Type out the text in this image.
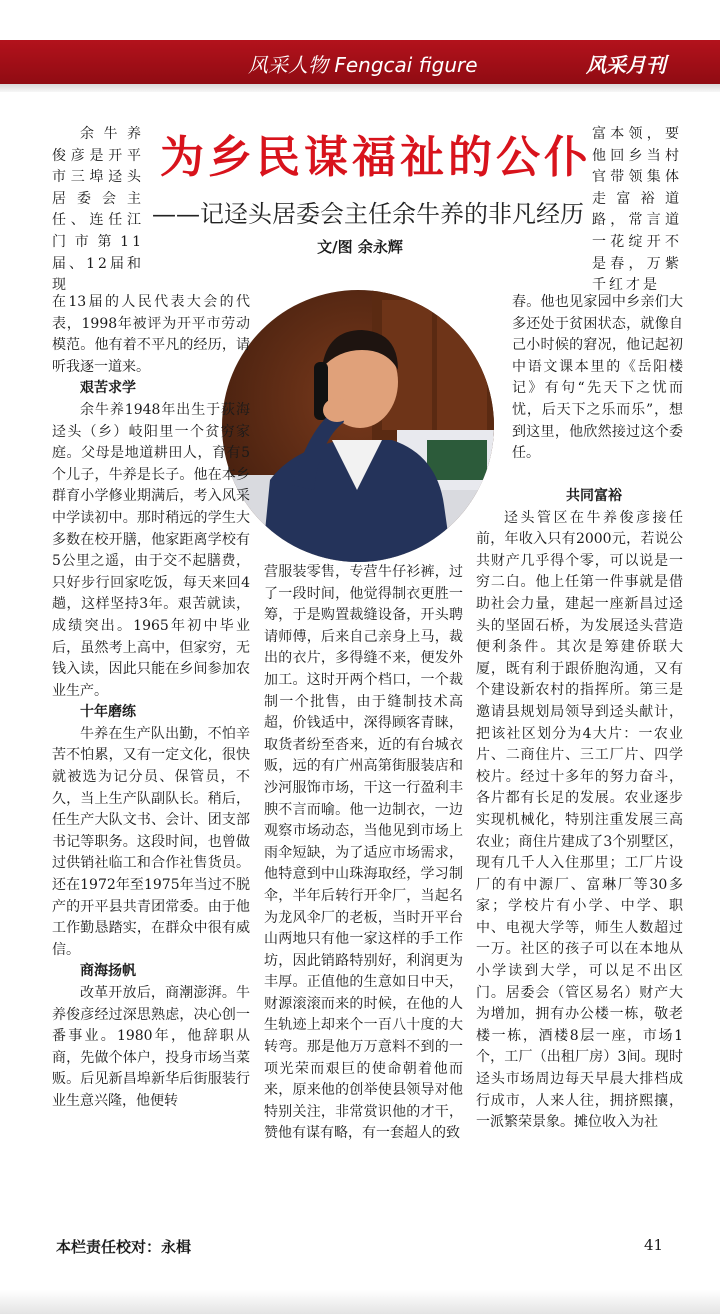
风采人物 Fengcai figure	风采月刊
为乡民谋福祉的公仆
——记迳头居委会主任余牛养的非凡经历
文/图 余永辉

余牛养俊彦是开平市三埠迳头居委会主任、连任江门市第11届、12届和现

在13届的人民代表大会的代表，1998年被评为开平市劳动模范。他有着不平凡的经历，请听我逐一道来。

艰苦求学

余牛养1948年出生于荻海迳头（乡）岐阳里一个贫穷家庭。父母是地道耕田人，育有5个儿子，牛养是长子。他在本乡群育小学修业期满后，考入风采中学读初中。那时稍远的学生大多数在校开膳，他家距离学校有5公里之遥，由于交不起膳费，只好步行回家吃饭，每天来回4趟，这样坚持3年。艰苦就读，成绩突出。1965年初中毕业后，虽然考上高中，但家穷，无钱入读，因此只能在乡间参加农业生产。

十年磨练

牛养在生产队出勤，不怕辛苦不怕累，又有一定文化，很快就被选为记分员、保管员，不久，当上生产队副队长。稍后，任生产大队文书、会计、团支部书记等职务。这段时间，也曾做过供销社临工和合作社售货员。还在1972年至1975年当过不脱产的开平县共青团常委。由于他工作勤恳踏实，在群众中很有威信。

商海扬帆

改革开放后，商潮澎湃。牛养俊彦经过深思熟虑，决心创一番事业。1980年，他辞职从商，先做个体户，投身市场当菜贩。后见新昌埠新华后街服装行业生意兴隆，他便转

营服装零售，专营牛仔衫裤，过了一段时间，他觉得制衣更胜一筹，于是购置裁缝设备，开头聘请师傅，后来自己亲身上马，裁出的衣片，多得缝不来，便发外加工。这时开两个档口，一个裁制一个批售，由于缝制技术高超，价钱适中，深得顾客青睐，取货者纷至沓来，近的有台城衣贩，远的有广州高第街服装店和沙河服饰市场，干这一行盈利丰腴不言而喻。他一边制衣，一边观察市场动态，当他见到市场上雨伞短缺，为了适应市场需求，他特意到中山珠海取经，学习制伞，半年后转行开伞厂，当起名为龙风伞厂的老板，当时开平台山两地只有他一家这样的手工作坊，因此销路特别好，利润更为丰厚。正值他的生意如日中天，财源滚滚而来的时候，在他的人生轨迹上却来个一百八十度的大转弯。那是他万万意料不到的一项光荣而艰巨的使命朝着他而来，原来他的创举使县领导对他特别关注，非常赏识他的才干，赞他有谋有略，有一套超人的致

富本领，要他回乡当村官带领集体走富裕道路，常言道一花绽开不是春，万紫千红才是

春。他也见家园中乡亲们大多还处于贫困状态，就像自己小时候的窘况，他记起初中语文课本里的《岳阳楼记》有句“先天下之忧而忧，后天下之乐而乐”，想到这里，他欣然接过这个委任。

共同富裕

迳头管区在牛养俊彦接任前，年收入只有2000元，若说公共财产几乎得个零，可以说是一穷二白。他上任第一件事就是借助社会力量，建起一座新昌过迳头的坚固石桥，为发展迳头营造便利条件。其次是筹建侨联大厦，既有利于跟侨胞沟通，又有个建设新农村的指挥所。第三是邀请县规划局领导到迳头献计，把该社区划分为4大片：一农业片、二商住片、三工厂片、四学校片。经过十多年的努力奋斗，各片都有长足的发展。农业逐步实现机械化，特别注重发展三高农业；商住片建成了3个别墅区，现有几千人入住那里；工厂片设厂的有中源厂、富琳厂等30多家；学校片有小学、中学、职中、电视大学等，师生人数超过一万。社区的孩子可以在本地从小学读到大学，可以足不出区门。居委会（管区易名）财产大为增加，拥有办公楼一栋，敬老楼一栋，酒楼8层一座，市场1个，工厂（出租厂房）3间。现时迳头市场周边每天早晨大排档成行成市，人来人往，拥挤熙攘，一派繁荣景象。摊位收入为社

本栏责任校对：永楫	41
